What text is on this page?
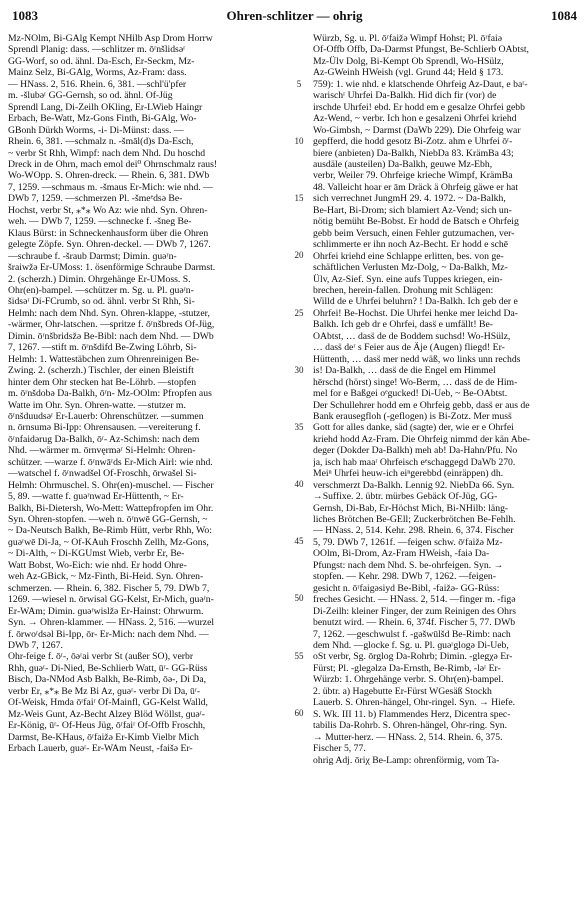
1083	Ohren-schlitzer — ohrig	1084
Mz-NOlm, Bi-GAlg Kempt NHilb Asp Drom Horrw
Sprendl Planig: dass. —schlitzer m. ōʳnšlidsəʳ
GG-Worf, so od. ähnl. Da-Esch, Er-Seckm, Mz-
Mainz Selz, Bi-GAlg, Worms, Az-Fram: dass.
— HNass. 2, 516. Rhein. 6, 381. —schl'ü'pfer
m. -šlubəʳ GG-Gernsh, so od. ähnl. Of-Jüg
Sprendl Lang, Di-Zeilh OKling, Er-LWieb Haingr
Erbach, Be-Watt, Mz-Gons Finth, Bi-GAlg, Wo-
GBonh Dürkh Worms, -i- Di-Münst: dass. —
Rhein. 6, 381. —schmalz n. -šmāl(d)s Da-Esch,
~ verbr St Rhh, Wimpf: nach dem Nhd. Du hoschd
Dreck in de Ohrn, mach emol dei⁰ Ohrnschmalz raus!
Wo-WOpp. S. Ohren-dreck. — Rhein. 6, 381. DWb
7, 1259. —schmaus m. -šmaus Er-Mich: wie nhd. —
DWb 7, 1259. —schmerzen Pl. -šmeᵉdsə Be-
Hochst, verbr St, ⁎*⁎ Wo Az: wie nhd. Syn. Ohren-
weh. — DWb 7, 1259. —schnecke f. -šneg Be-
Klaus Bürst: in Schneckenhausform über die Ohren
gelegte Zöpfe. Syn. Ohren-deckel. — DWb 7, 1267.
—schraube f. -šraub Darmst; Dimin. ɡuəʳn-
šraiwžə Er-UMoss: 1. ösenförmige Schraube Darmst.
2. (scherzh.) Dimin. Ohrgehänge Er-UMoss. S.
Ohr(en)-bampel. —schützer m. Sg. u. Pl. ɡuəʳn-
šidsəʳ Di-FCrumb, so od. ähnl. verbr St Rhh, Si-
Helmh: nach dem Nhd. Syn. Ohren-klappe, -stutzer,
-wärmer, Ohr-latschen. —spritze f. ōʳnšbreds Of-Jüg,
Dimin. ōʳnšbridsžə Be-Bibl: nach dem Nhd. — DWb
7, 1267. —stift m. ōʳnšdifd Be-Zwing Löhrb, Si-
Helmh: 1. Wattestäbchen zum Ohrenreinigen Be-
Zwing. 2. (scherzh.) Tischler, der einen Bleistift
hinter dem Ohr stecken hat Be-Löhrb. —stopfen
m. ōʳnšdobə Da-Balkh, ōʳn- Mz-OOlm: Pfropfen aus
Watte im Ohr. Syn. Ohren-watte. —stutzer m.
ōʳnšduudsəʳ Er-Lauerb: Ohrenschützer. —summen
n. ōrnsumə Bi-Ipp: Ohrensausen. —vereiterung f.
ōʳnfaidərug Da-Balkh, ōʳ- Az-Schimsh: nach dem
Nhd. —wärmer m. ōrnvęrməʳ Si-Helmh: Ohren-
schützer. —warze f. ōʳnwāʳds Er-Mich Airl: wie nhd.
—watschel f. ōʳnwadšel Of-Froschh, ōrwašel Si-
Helmh: Ohrmuschel. S. Ohr(en)-muschel. — Fischer
5, 89. —watte f. ɡuəʳnwad Er-Hüttenth, ~ Er-
Balkh, Bi-Dietersh, Wo-Mett: Wattepfropfen im Ohr.
Syn. Ohren-stopfen. —weh n. ōʳnwē GG-Gernsh, ~
~ Da-Neutsch Balkh, Be-Rimb Hütt, verbr Rhh, Wo:
ɡuəʳwē Di-Ja, ~ Of-KAuh Froschh Zellh, Mz-Gons,
~ Di-Alth, ~ Di-KGUmst Wieb, verbr Er, Be-
Watt Bobst, Wo-Eich: wie nhd. Er hodd Ohre-
weh Az-GBick, ~ Mz-Finth, Bi-Heid. Syn. Ohren-
schmerzen. — Rhein. 6, 382. Fischer 5, 79. DWb 7,
1269. —wiesel n. ōrwisəl GG-Kelst, Er-Mich, ɡuəʳn-
Er-WAm; Dimin. ɡuəʳwislžə Er-Hainst: Ohrwurm.
Syn. → Ohren-klammer. — HNass. 2, 516. —wurzel
f. ōrwoʳdsəl Bi-Ipp, ōr- Er-Mich: nach dem Nhd. —
DWb 7, 1267.
Ohr-feige f. ōʳ-, ōəʳai verbr St (außer SO), verbr
Rhh, ɡuəʳ- Di-Nied, Be-Schlierb Watt, ūʳ- GG-Rüss
Bisch, Da-NMod Asb Balkh, Be-Rimb, ōə-, Di Da,
verbr Er, ⁎*⁎ Be Mz Bi Az, ɡuəʳ- verbr Di Da, ūʳ-
Of-Weisk, Hmda ōʳfaiʳ Of-Mainfl, GG-Kelst Walld,
Mz-Weis Gunt, Az-Becht Alzey Blöd Wöllst, ɡuəʳ-
Er-König, ūʳ- Of-Heus Jüg, ōʳfaiʳ Of-Offb Froschh,
Darmst, Be-KHaus, ōʳfaižə Er-Kimb Vielbr Mich
Erbach Lauerb, ɡuəʳ- Er-WAm Neust, -faišə Er-
5
10
15
20
25
30
35
40
45
50
55
60
Würzb, Sg. u. Pl. ōʳfaižə Wimpf Hohst; Pl. ōʳfaiə
Of-Offb Offb, Da-Darmst Pfungst, Be-Schlierb OAbtst,
Mz-Ülv Dolg, Bi-Kempt Ob Sprendl, Wo-HSülz,
Az-GWeinh HWeish (vgl. Grund 44; Held § 173.
759): 1. wie nhd. e klatschende Ohrfeig Az-Daut, e baʳ-
warischʳ Uhrfei Da-Balkh. Hid dich fir (vor) de
irschde Uhrfei! ebd. Er hodd em e gesalze Ohrfei gebb
Az-Wend, ~ verbr. Ich hon e gesalzeni Ohrfei kriehd
Wo-Gimbsh, ~ Darmst (DaWb 229). Die Ohrfeig war
gepfferd, die hodd gesotz Bi-Zotz. ahm e Uhrfei ōʳ-
biere (anbieten) Da-Balkh, NiebDa 83. KrämBa 43;
ausdäle (austeilen) Da-Balkh, geuwe Mz-Ebh,
verbr, Weiler 79. Ohrfeige krieche Wimpf, KrämBa
48. Valleicht hoar er ām Dräck ä Ohrfeig gäwe er hat
sich verrechnet JungmH 29. 4. 1972. ~ Da-Balkh,
Be-Hart, Bi-Drom; sich blamiert Az-Vend; sich un-
nötig bemüht Be-Bobst. Er hodd de Batsch e Ohrfeig
gebb beim Versuch, einen Fehler gutzumachen, ver-
schlimmerte er ihn noch Az-Becht. Er hodd e schē
Ohrfei kriehd eine Schlappe erlitten, bes. von ge-
schäftlichen Verlusten Mz-Dolg, ~ Da-Balkh, Mz-
Ülv, Az-Sief. Syn. eine aufs Tuppes kriegen, ein-
brechen, herein-fallen. Drohung mit Schlägen:
Willd de e Uhrfei beluhrn? ! Da-Balkh. Ich geb der e
Ohrfei! Be-Hochst. Die Uhrfei henke mer leichd Da-
Balkh. Ich geb dr e Ohrfei, dass̈ e umfällt! Be-
OAbtst, … dass̈ de de Boddem suchsd! Wo-HSülz,
… dass̈ deʳ s Feier aus de Äje (Augen) fliegd! Er-
Hüttenth, … dass̈ mer nedd wäß, wo links unn rechds
is! Da-Balkh, … dass̈ de die Engel em Himmel
hērschd (hörst) singe! Wo-Berm, … dass̈ de de Him-
mel for e Baßgei oᵉgucked! Di-Ueb, ~ Be-OAbtst.
Der Schullehrer hodd em e Ohrfeig gebb, dass̈ er aus de
Bank erausegfloh (-geflogen) is Bi-Zotz. Mer muss̈
Gott for alles danke, säd (sagte) der, wie er e Ohrfei
kriehd hodd Az-Fram. Die Ohrfeig nimmd der kän Abe-
deger (Dokder Da-Balkh) meh ab! Da-Hahn/Pfu. No
ja, isch hab maaʳ Ohrfeisch eᵉschaggegd DaWb 270.
Meiⁿ Uhrfei heuw-ich eiⁿgerebbd (einräppen) dh.
verschmerzt Da-Balkh. Lennig 92. NiebDa 66. Syn.
→Suffixe. 2. übtr. mürbes Gebäck Of-Jüg, GG-
Gernsh, Di-Bab, Er-Höchst Mich, Bi-NHilb: läng-
liches Brötchen Be-GEll; Zuckerbrötchen Be-Fehlh.
— HNass. 2, 514. Kehr. 298. Rhein. 6, 374. Fischer
5, 79. DWb 7, 1261f. —feigen schw. ōʳfaižə Mz-
OOlm, Bi-Drom, Az-Fram HWeish, -faiə Da-
Pfungst: nach dem Nhd. S. be-ohrfeigen. Syn. →
stopfen. — Kehr. 298. DWb 7, 1262. —feigen-
gesicht n. ōʳfaigəsiyd Be-Bibl, -faižə- GG-Rüss:
freches Gesicht. — HNass. 2, 514. —finger m. -figə
Di-Zeilh: kleiner Finger, der zum Reinigen des Ohrs
benutzt wird. — Rhein. 6, 374f. Fischer 5, 77. DWb
7, 1262. —geschwulst f. -gəšwūlšd Be-Rimb: nach
dem Nhd. —glocke f. Sg. u. Pl. ɡuəʳglogə Di-Ueb,
oSt verbr, Sg. ōrglog Da-Rohrb; Dimin. -glegχə Er-
Fürst; Pl. -glegəlzə Da-Ernsth, Be-Rimb, -ləʳ Er-
Würzb: 1. Ohrgehänge verbr. S. Ohr(en)-bampel.
2. übtr. a) Hagebutte Er-Fürst WGesäß Stockh
Lauerb. S. Ohren-hängel, Ohr-ringel. Syn. → Hiefe.
S. Wk. III 11. b) Flammendes Herz, Dicentra spec-
tabilis Da-Rohrb. S. Ohren-hängel, Ohr-ring. Syn.
→ Mutter-herz. — HNass. 2, 514. Rhein. 6, 375.
Fischer 5, 77.
ohrig Adj. ōriχ Be-Lamp: ohrenförmig, vom Ta-
